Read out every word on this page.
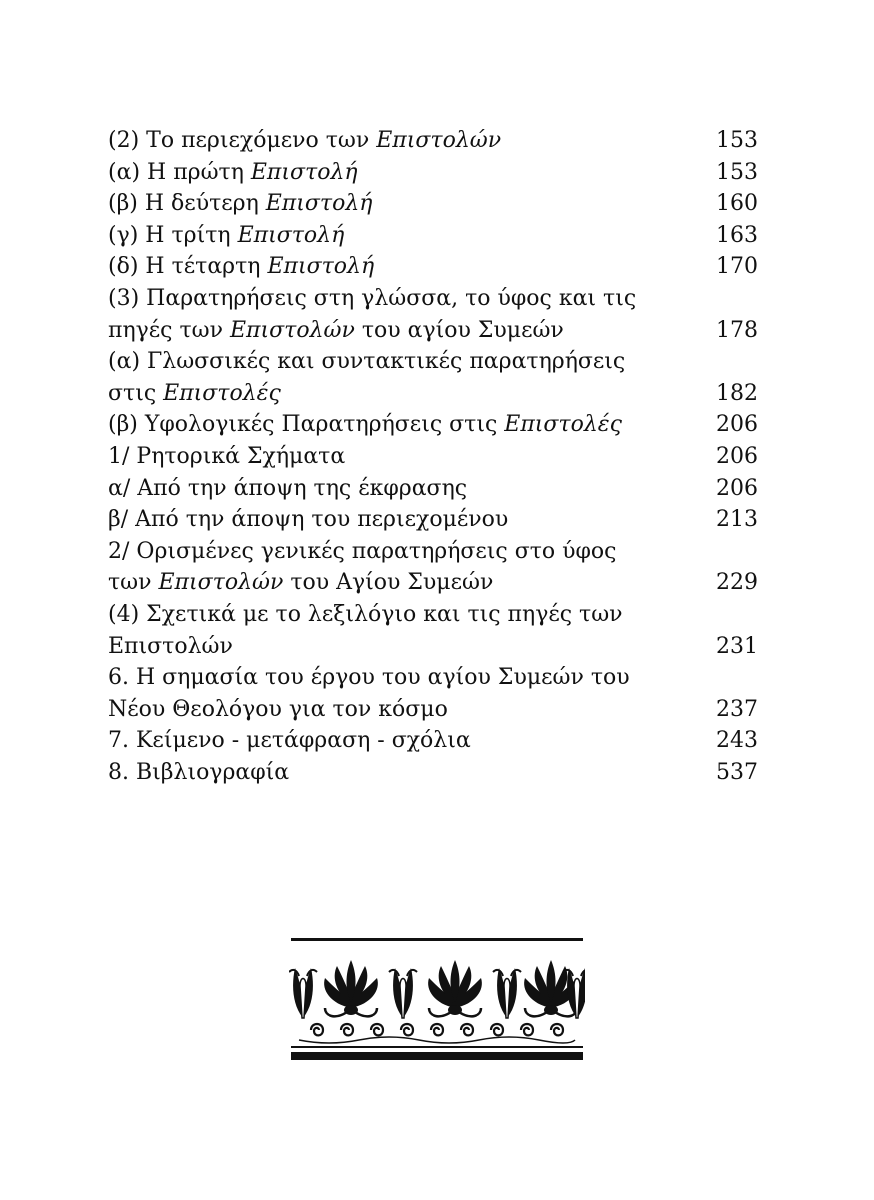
(2) Το περιεχόμενο των Επιστολών	153
(α) Η πρώτη Επιστολή	153
(β) Η δεύτερη Επιστολή	160
(γ) Η τρίτη Επιστολή	163
(δ) Η τέταρτη Επιστολή	170
(3) Παρατηρήσεις στη γλώσσα, το ύφος και τις
πηγές των Επιστολών του αγίου Συμεών	178
(α) Γλωσσικές και συντακτικές παρατηρήσεις
στις Επιστολές	182
(β) Υφολογικές Παρατηρήσεις στις Επιστολές	206
1/ Ρητορικά Σχήματα	206
α/ Από την άποψη της έκφρασης	206
β/ Από την άποψη του περιεχομένου	213
2/ Ορισμένες γενικές παρατηρήσεις στο ύφος
των Επιστολών του Αγίου Συμεών	229
(4) Σχετικά με το λεξιλόγιο και τις πηγές των
Επιστολών	231
6. Η σημασία του έργου του αγίου Συμεών του
Νέου Θεολόγου για τον κόσμο	237
7. Κείμενο - μετάφραση - σχόλια	243
8. Βιβλιογραφία	537
